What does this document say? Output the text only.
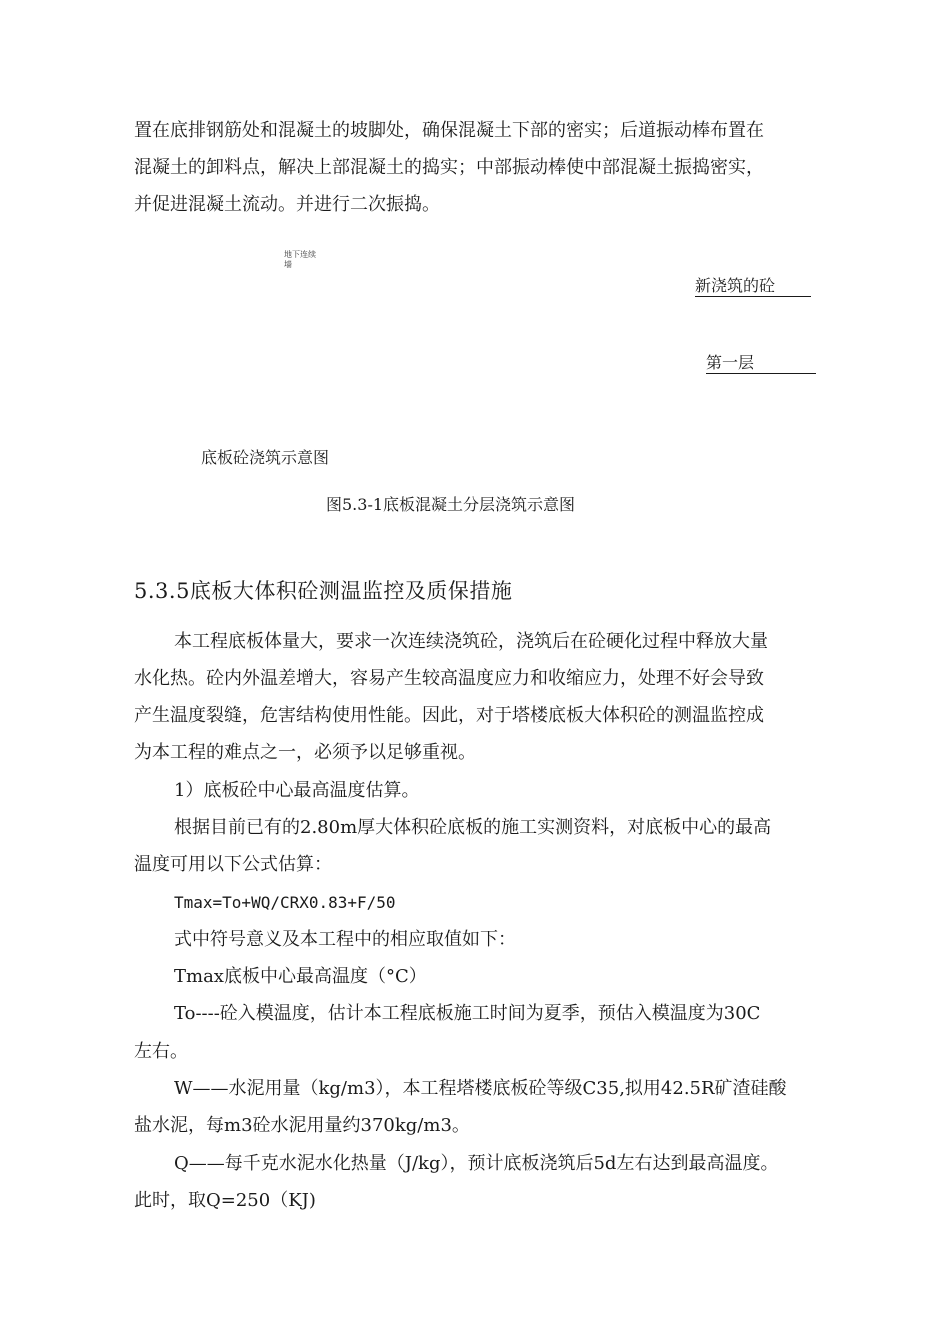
置在底排钢筋处和混凝土的坡脚处，确保混凝土下部的密实；后道振动棒布置在
混凝土的卸料点，解决上部混凝土的捣实；中部振动棒使中部混凝土振捣密实，
并促进混凝土流动。并进行二次振捣。
地下连续
墙
新浇筑的砼
第一层
底板砼浇筑示意图
图5.3-1底板混凝土分层浇筑示意图
5.3.5底板大体积砼测温监控及质保措施
本工程底板体量大，要求一次连续浇筑砼，浇筑后在砼硬化过程中释放大量
水化热。砼内外温差增大，容易产生较高温度应力和收缩应力，处理不好会导致
产生温度裂缝，危害结构使用性能。因此，对于塔楼底板大体积砼的测温监控成
为本工程的难点之一，必须予以足够重视。
1）底板砼中心最高温度估算。
根据目前已有的2.80m厚大体积砼底板的施工实测资料，对底板中心的最高
温度可用以下公式估算：
Tmax=To+WQ/CRX0.83+F/50
式中符号意义及本工程中的相应取值如下：
Tmax底板中心最高温度（°C）
To----砼入模温度，估计本工程底板施工时间为夏季，预估入模温度为30C
左右。
W——水泥用量（kg/m3），本工程塔楼底板砼等级C35,拟用42.5R矿渣硅酸
盐水泥，每m3砼水泥用量约370kg/m3。
Q——每千克水泥水化热量（J/kg），预计底板浇筑后5d左右达到最高温度。
此时，取Q=250（KJ)
